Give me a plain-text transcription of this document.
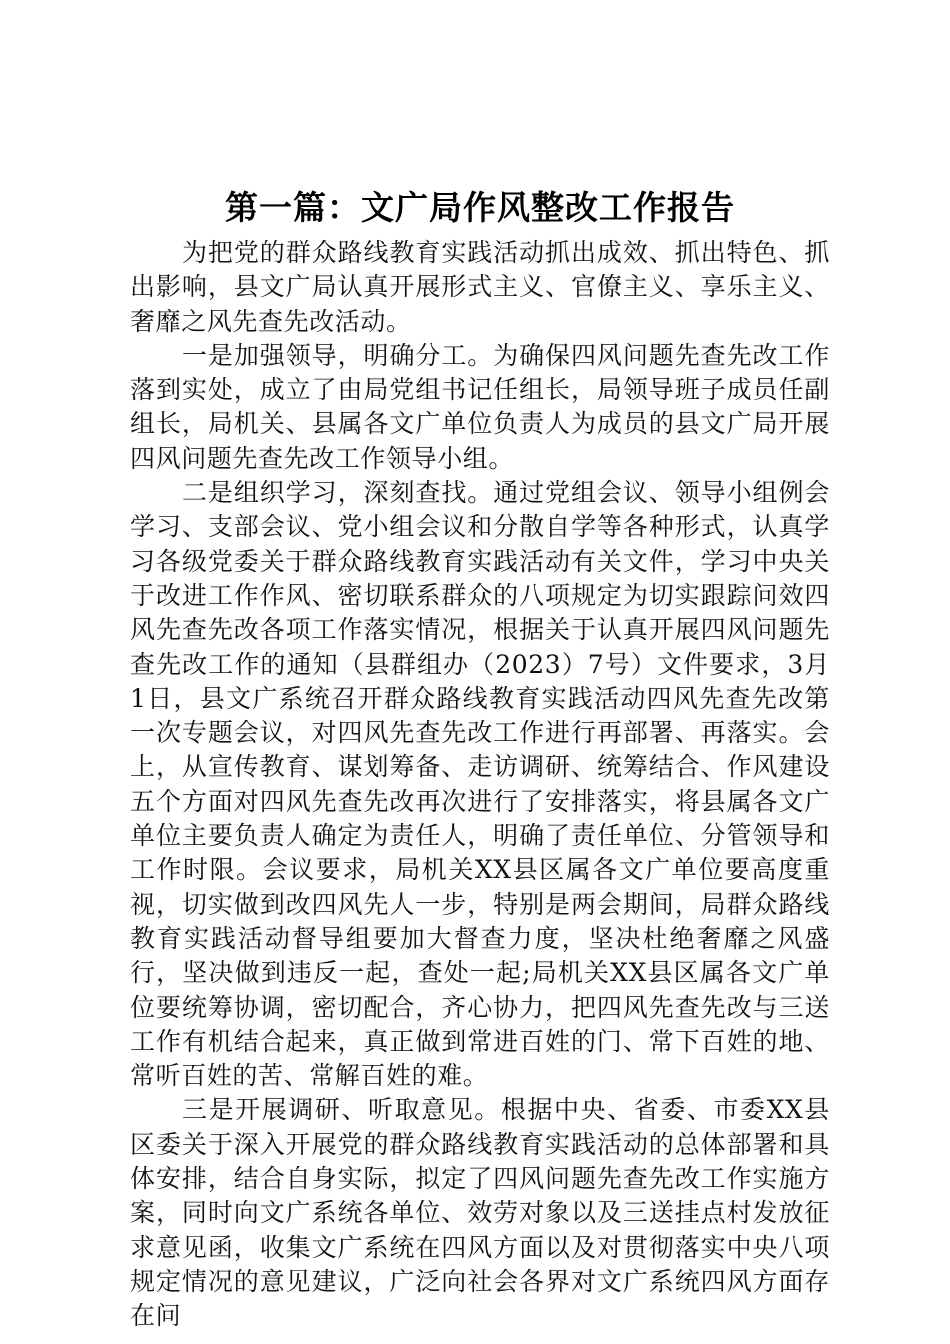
第一篇：文广局作风整改工作报告

为把党的群众路线教育实践活动抓出成效、抓出特色、抓出影响，县文广局认真开展形式主义、官僚主义、享乐主义、奢靡之风先查先改活动。

一是加强领导，明确分工。为确保四风问题先查先改工作落到实处，成立了由局党组书记任组长，局领导班子成员任副组长，局机关、县属各文广单位负责人为成员的县文广局开展四风问题先查先改工作领导小组。

二是组织学习，深刻查找。通过党组会议、领导小组例会学习、支部会议、党小组会议和分散自学等各种形式，认真学习各级党委关于群众路线教育实践活动有关文件，学习中央关于改进工作作风、密切联系群众的八项规定为切实跟踪问效四风先查先改各项工作落实情况，根据关于认真开展四风问题先查先改工作的通知（县群组办（2023）7号）文件要求，3月1日，县文广系统召开群众路线教育实践活动四风先查先改第一次专题会议，对四风先查先改工作进行再部署、再落实。会上，从宣传教育、谋划筹备、走访调研、统筹结合、作风建设五个方面对四风先查先改再次进行了安排落实，将县属各文广单位主要负责人确定为责任人，明确了责任单位、分管领导和工作时限。会议要求，局机关XX县区属各文广单位要高度重视，切实做到改四风先人一步，特别是两会期间，局群众路线教育实践活动督导组要加大督查力度，坚决杜绝奢靡之风盛行，坚决做到违反一起，查处一起;局机关XX县区属各文广单位要统筹协调，密切配合，齐心协力，把四风先查先改与三送工作有机结合起来，真正做到常进百姓的门、常下百姓的地、常听百姓的苦、常解百姓的难。

三是开展调研、听取意见。根据中央、省委、市委XX县区委关于深入开展党的群众路线教育实践活动的总体部署和具体安排，结合自身实际，拟定了四风问题先查先改工作实施方案，同时向文广系统各单位、效劳对象以及三送挂点村发放征求意见函，收集文广系统在四风方面以及对贯彻落实中央八项规定情况的意见建议，广泛向社会各界对文广系统四风方面存在问
